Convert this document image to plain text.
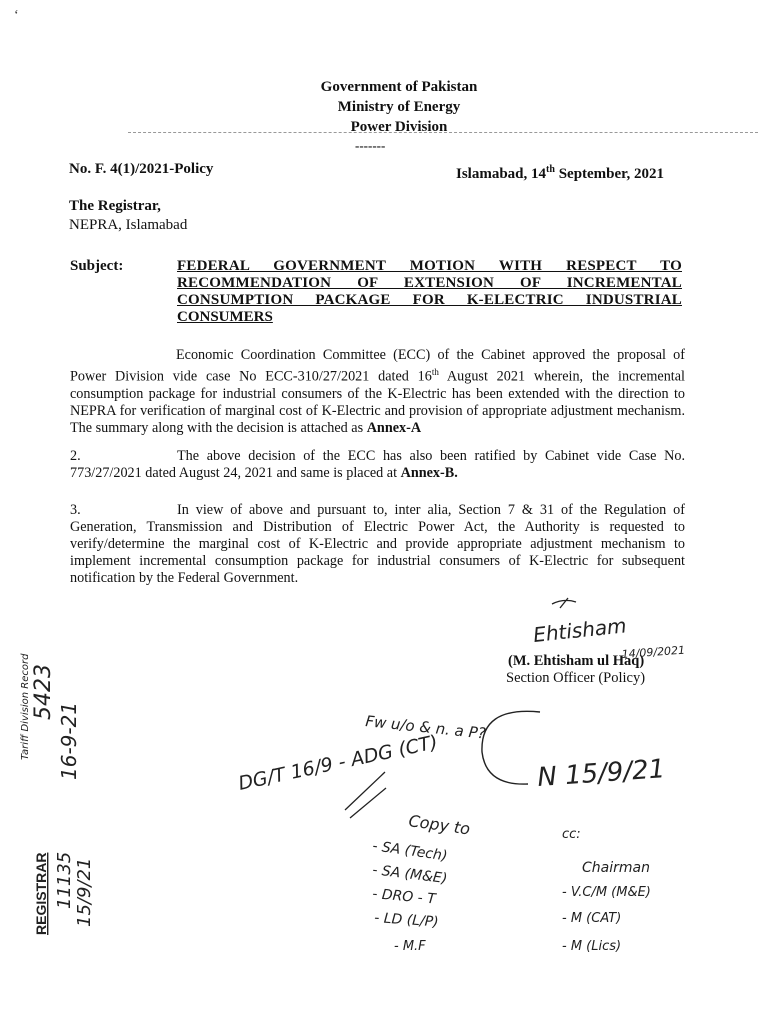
‘
Government of Pakistan
Ministry of Energy
Power Division
-------
No. F. 4(1)/2021-Policy	Islamabad, 14th September, 2021
The Registrar,
NEPRA, Islamabad
Subject:	FEDERAL GOVERNMENT MOTION WITH RESPECT TO RECOMMENDATION OF EXTENSION OF INCREMENTAL CONSUMPTION PACKAGE FOR K-ELECTRIC INDUSTRIAL
CONSUMERS
Economic Coordination Committee (ECC) of the Cabinet approved the proposal of Power Division vide case No ECC-310/27/2021 dated 16th August 2021 wherein, the incremental consumption package for industrial consumers of the K-Electric has been extended with the direction to NEPRA for verification of marginal cost of K-Electric and provision of appropriate adjustment mechanism. The summary along with the decision is attached as Annex-A
2.	The above decision of the ECC has also been ratified by Cabinet vide Case No. 773/27/2021 dated August 24, 2021 and same is placed at Annex-B.
3.	In view of above and pursuant to, inter alia, Section 7 & 31 of the Regulation of Generation, Transmission and Distribution of Electric Power Act, the Authority is requested to verify/determine the marginal cost of K-Electric and provide appropriate adjustment mechanism to implement incremental consumption package for industrial consumers of K-Electric for subsequent notification by the Federal Government.
(M. Ehtisham ul Haq)
Section Officer (Policy)
Ehtisham
14/09/2021
Tariff Division Record 5423
16-9-21
REGISTRAR 11135 15/9/21
Fw u/o & n. a P?
DG/T 16/9 - ADG (CT)
Copy to
- SA (Tech)
- SA (M&E)
- DRO - T
- LD (L/P)
- M.F
N 15/9/21
cc:
Chairman
- V.C/M (M&E)
- M (CAT)
- M (Lics)
